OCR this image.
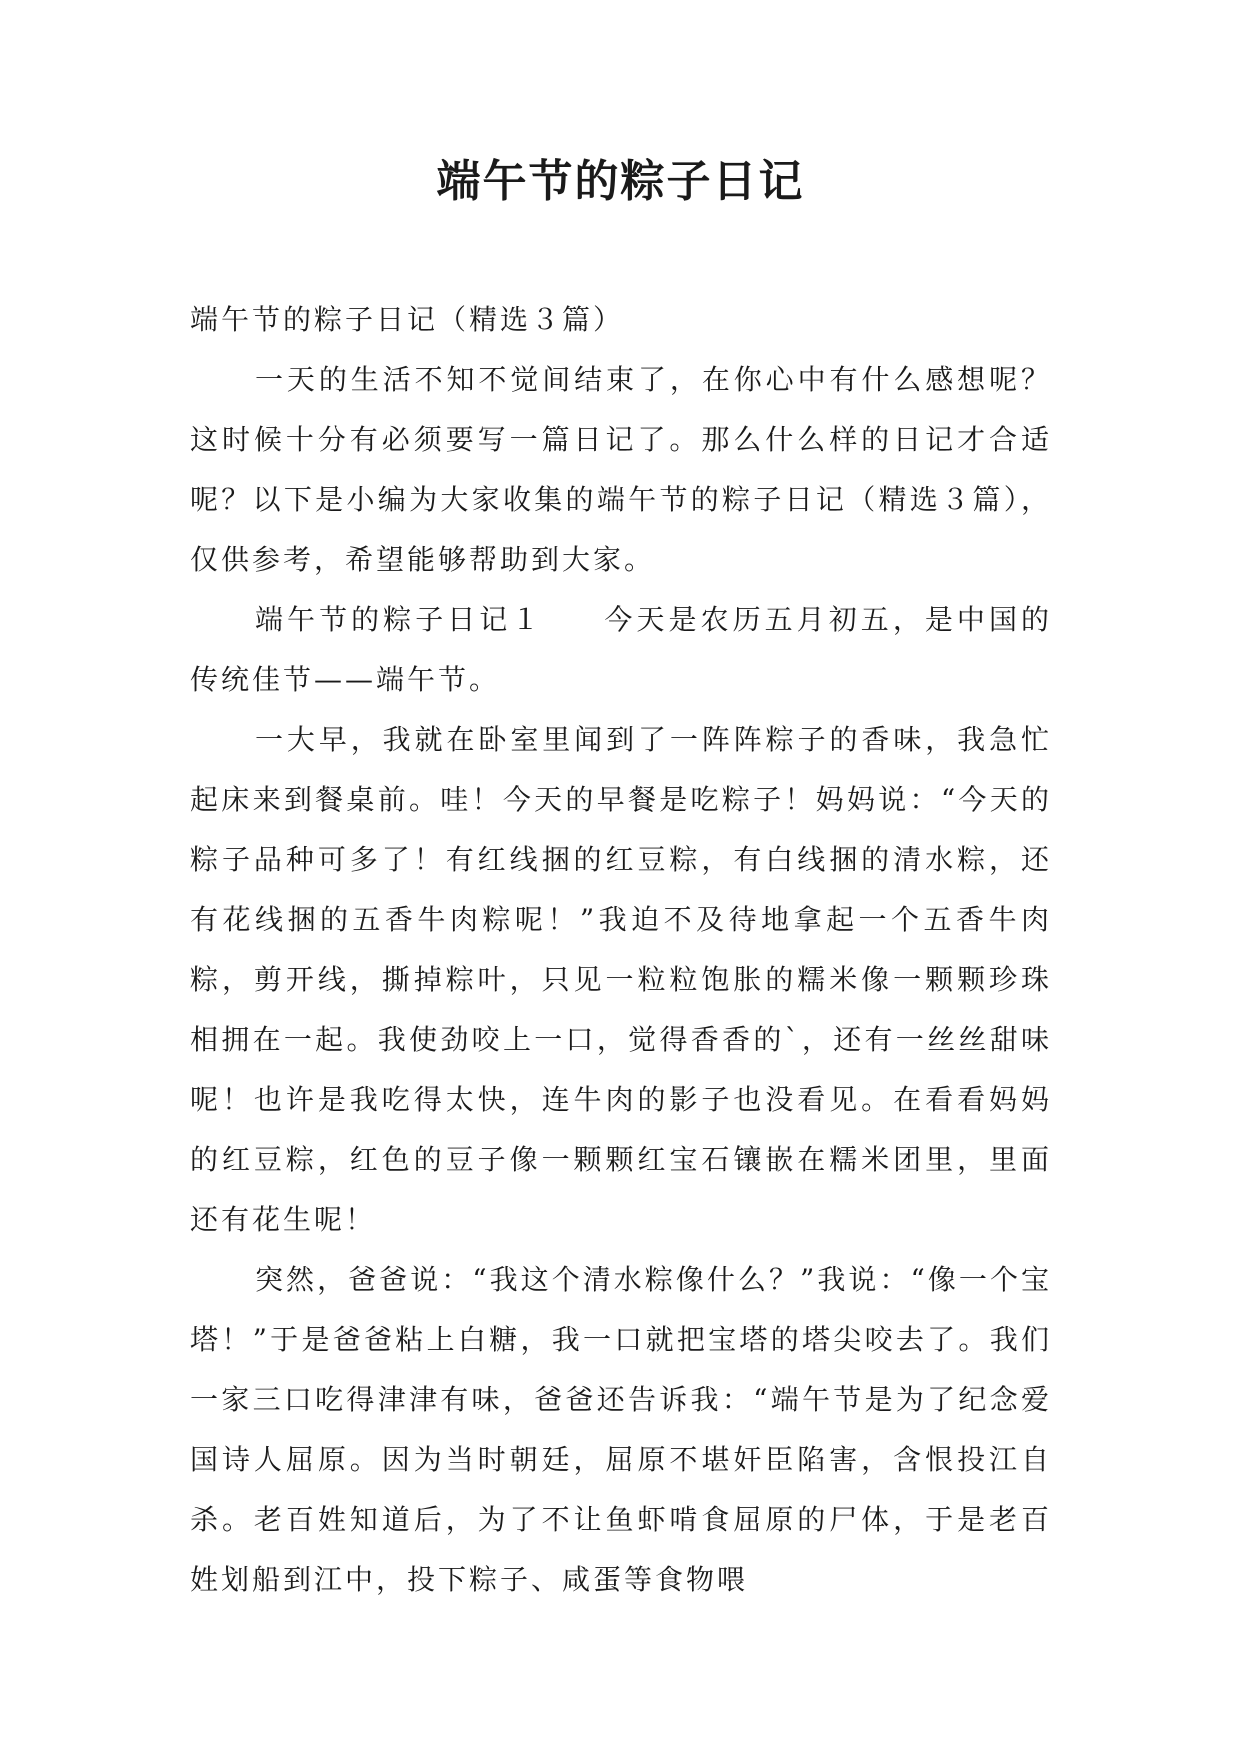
端午节的粽子日记

端午节的粽子日记（精选３篇）

一天的生活不知不觉间结束了，在你心中有什么感想呢？这时候十分有必须要写一篇日记了。那么什么样的日记才合适呢？以下是小编为大家收集的端午节的粽子日记（精选３篇），仅供参考，希望能够帮助到大家。

端午节的粽子日记１ 今天是农历五月初五，是中国的传统佳节——端午节。

一大早，我就在卧室里闻到了一阵阵粽子的香味，我急忙起床来到餐桌前。哇！今天的早餐是吃粽子！妈妈说：“今天的粽子品种可多了！有红线捆的红豆粽，有白线捆的清水粽，还有花线捆的五香牛肉粽呢！”我迫不及待地拿起一个五香牛肉粽，剪开线，撕掉粽叶，只见一粒粒饱胀的糯米像一颗颗珍珠相拥在一起。我使劲咬上一口，觉得香香的`，还有一丝丝甜味呢！也许是我吃得太快，连牛肉的影子也没看见。在看看妈妈的红豆粽，红色的豆子像一颗颗红宝石镶嵌在糯米团里，里面还有花生呢！

突然，爸爸说：“我这个清水粽像什么？”我说：“像一个宝塔！”于是爸爸粘上白糖，我一口就把宝塔的塔尖咬去了。我们一家三口吃得津津有味，爸爸还告诉我：“端午节是为了纪念爱国诗人屈原。因为当时朝廷，屈原不堪奸臣陷害，含恨投江自杀。老百姓知道后，为了不让鱼虾啃食屈原的尸体，于是老百姓划船到江中，投下粽子、咸蛋等食物喂
